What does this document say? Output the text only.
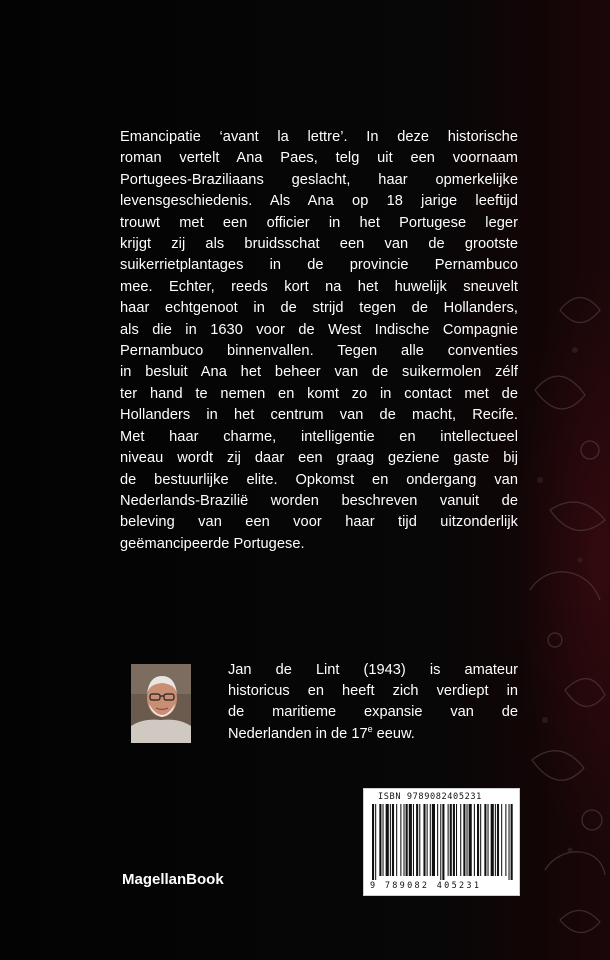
Emancipatie ‘avant la lettre’. In deze historische
roman vertelt Ana Paes, telg uit een voornaam
Portugees-Braziliaans geslacht, haar opmerkelijke
levensgeschiedenis. Als Ana op 18 jarige leeftijd
trouwt met een officier in het Portugese leger
krijgt zij als bruidsschat een van de grootste
suikerrietplantages in de provincie Pernambuco
mee. Echter, reeds kort na het huwelijk sneuvelt
haar echtgenoot in de strijd tegen de Hollanders,
als die in 1630 voor de West Indische Compagnie
Pernambuco binnenvallen. Tegen alle conventies
in besluit Ana het beheer van de suikermolen zélf
ter hand te nemen en komt zo in contact met de
Hollanders in het centrum van de macht, Recife.
Met haar charme, intelligentie en intellectueel
niveau wordt zij daar een graag geziene gaste bij
de bestuurlijke elite. Opkomst en ondergang van
Nederlands-Brazilië worden beschreven vanuit de
beleving van een voor haar tijd uitzonderlijk
geëmancipeerde Portugese.
Jan de Lint (1943) is amateur
historicus en heeft zich verdiept in
de maritieme expansie van de
Nederlanden in de 17e eeuw.
ISBN 9789082405231
9 789082 405231
MagellanBook
